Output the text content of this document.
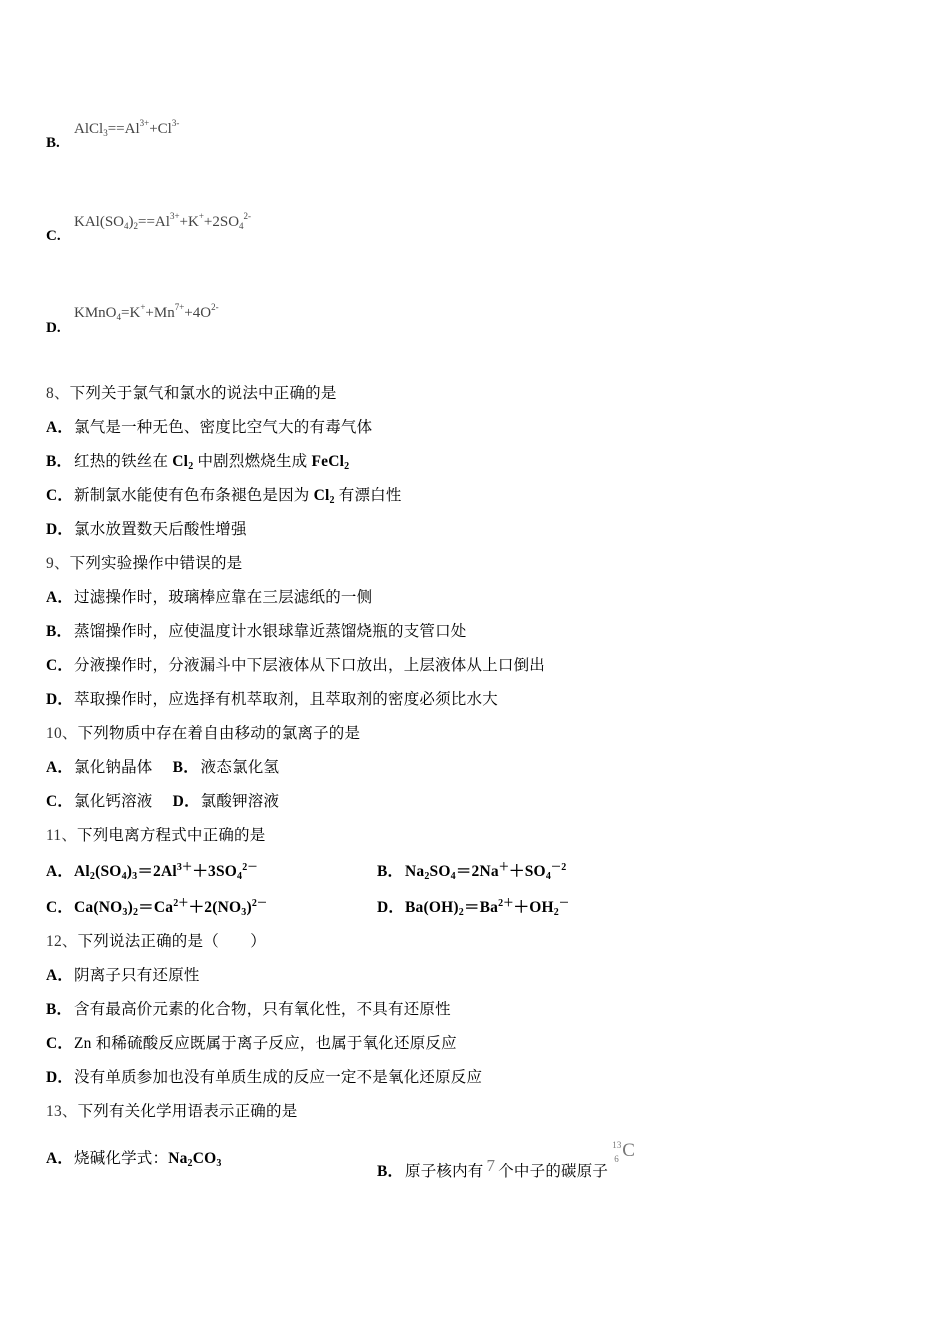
B.
$AlCl_3==Al^{3+}+Cl^{3-}$
C.
$KAl(SO_4)_2==Al^{3+}+K^++2SO_4^{2-}$
D.
$KMnO_4=K^++Mn^{7+}+4O^{2-}$
8、下列关于氯气和氯水的说法中正确的是
A．氯气是一种无色、密度比空气大的有毒气体
B． 红热的铁丝在 $Cl_2$ 中剧烈燃烧生成 FeCl$_2$
C．新制氯水能使有色布条褪色是因为 $Cl_2$ 有漂白性
D．氯水放置数天后酸性增强
9、下列实验操作中错误的是
A．过滤操作时，玻璃棒应靠在三层滤纸的一侧
B． 蒸馏操作时，应使温度计水银球靠近蒸馏烧瓶的支管口处
C．分液操作时，分液漏斗中下层液体从下口放出，上层液体从上口倒出
D．萃取操作时，应选择有机萃取剂，且萃取剂的密度必须比水大
10、下列物质中存在着自由移动的氯离子的是
A．氯化钠晶体 B． 液态氯化氢
C．氯化钙溶液 D．氯酸钾溶液
11、下列电离方程式中正确的是
A．$Al_2(SO_4)_3=2Al^{3+}+3SO_4^{2-}$	B． $Na_2SO_4=2Na^++SO_4^{-2}$
C．$Ca(NO_3)_2=Ca^{2+}+2(NO_3)^{2-}$	D．$Ba(OH)_2=Ba^{2+}+OH_2^-$
12、下列说法正确的是（　　）
A．阴离子只有还原性
B． 含有最高价元素的化合物，只有氧化性，不具有还原性
C．Zn 和稀硫酸反应既属于离子反应，也属于氧化还原反应
D．没有单质参加也没有单质生成的反应一定不是氧化还原反应
13、下列有关化学用语表示正确的是
A．烧碱化学式：$Na_2CO_3$	B． 原子核内有 7 个中子的碳原子
13
6 C
